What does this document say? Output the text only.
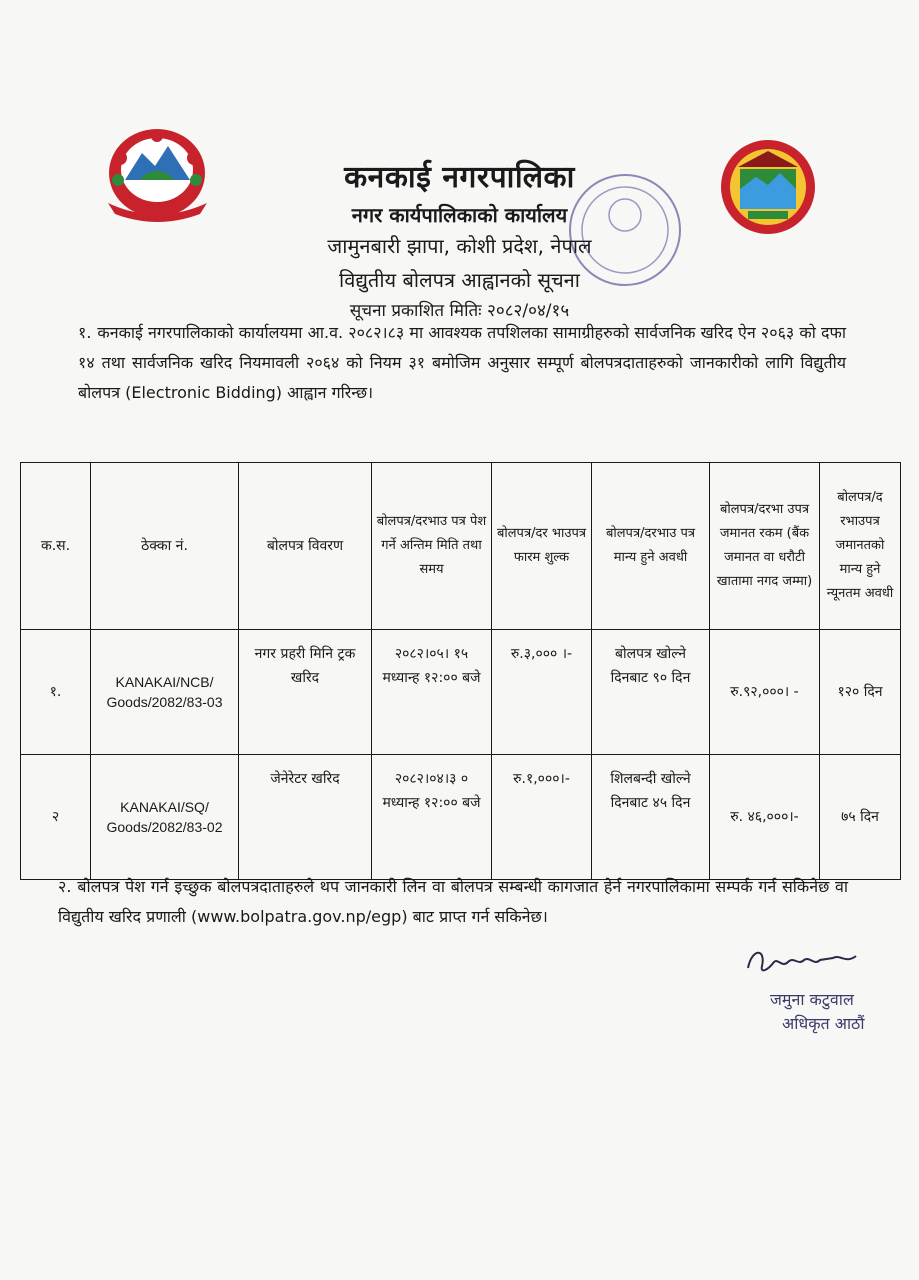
कनकाई नगरपालिका
नगर कार्यपालिकाको कार्यालय
जामुनबारी झापा, कोशी प्रदेश, नेपाल
विद्युतीय बोलपत्र आह्वानको सूचना
सूचना प्रकाशित मितिः २०८२/०४/१५
१. कनकाई नगरपालिकाको कार्यालयमा आ.व. २०८२।८३ मा आवश्यक तपशिलका सामाग्रीहरुको सार्वजनिक खरिद ऐन २०६३ को दफा १४ तथा सार्वजनिक खरिद नियमावली २०६४ को नियम ३१ बमोजिम अनुसार सम्पूर्ण बोलपत्रदाताहरुको जानकारीको लागि विद्युतीय बोलपत्र (Electronic Bidding) आह्वान गरिन्छ।
क.स.	ठेक्का नं.	बोलपत्र विवरण	बोलपत्र/दरभाउ पत्र पेश गर्ने अन्तिम मिति तथा समय	बोलपत्र/दर भाउपत्र फारम शुल्क	बोलपत्र/दरभाउ पत्र मान्य हुने अवधी	बोलपत्र/दरभा उपत्र जमानत रकम (बैंक जमानत वा धरौटी खातामा नगद जम्मा)	बोलपत्र/द रभाउपत्र जमानतको मान्य हुने न्यूनतम अवधी
१.	KANAKAI/NCB/ Goods/2082/83-03	नगर प्रहरी मिनि ट्रक खरिद	२०८२।०५। १५ मध्यान्ह १२:०० बजे	रु.३,००० ।-	बोलपत्र खोल्ने दिनबाट ९० दिन	रु.९२,०००। -	१२० दिन
२	KANAKAI/SQ/ Goods/2082/83-02	जेनेरेटर खरिद	२०८२।०४।३ ० मध्यान्ह १२:०० बजे	रु.१,०००।-	शिलबन्दी खोल्ने दिनबाट ४५ दिन	रु. ४६,०००।-	७५ दिन
२. बोलपत्र पेश गर्न इच्छुक बोलपत्रदाताहरुले थप जानकारी लिन वा बोलपत्र सम्बन्धी कागजात हेर्न नगरपालिकामा सम्पर्क गर्न सकिनेछ वा विद्युतीय खरिद प्रणाली (www.bolpatra.gov.np/egp) बाट प्राप्त गर्न सकिनेछ।
जमुना कटुवाल
अधिकृत आठौं
